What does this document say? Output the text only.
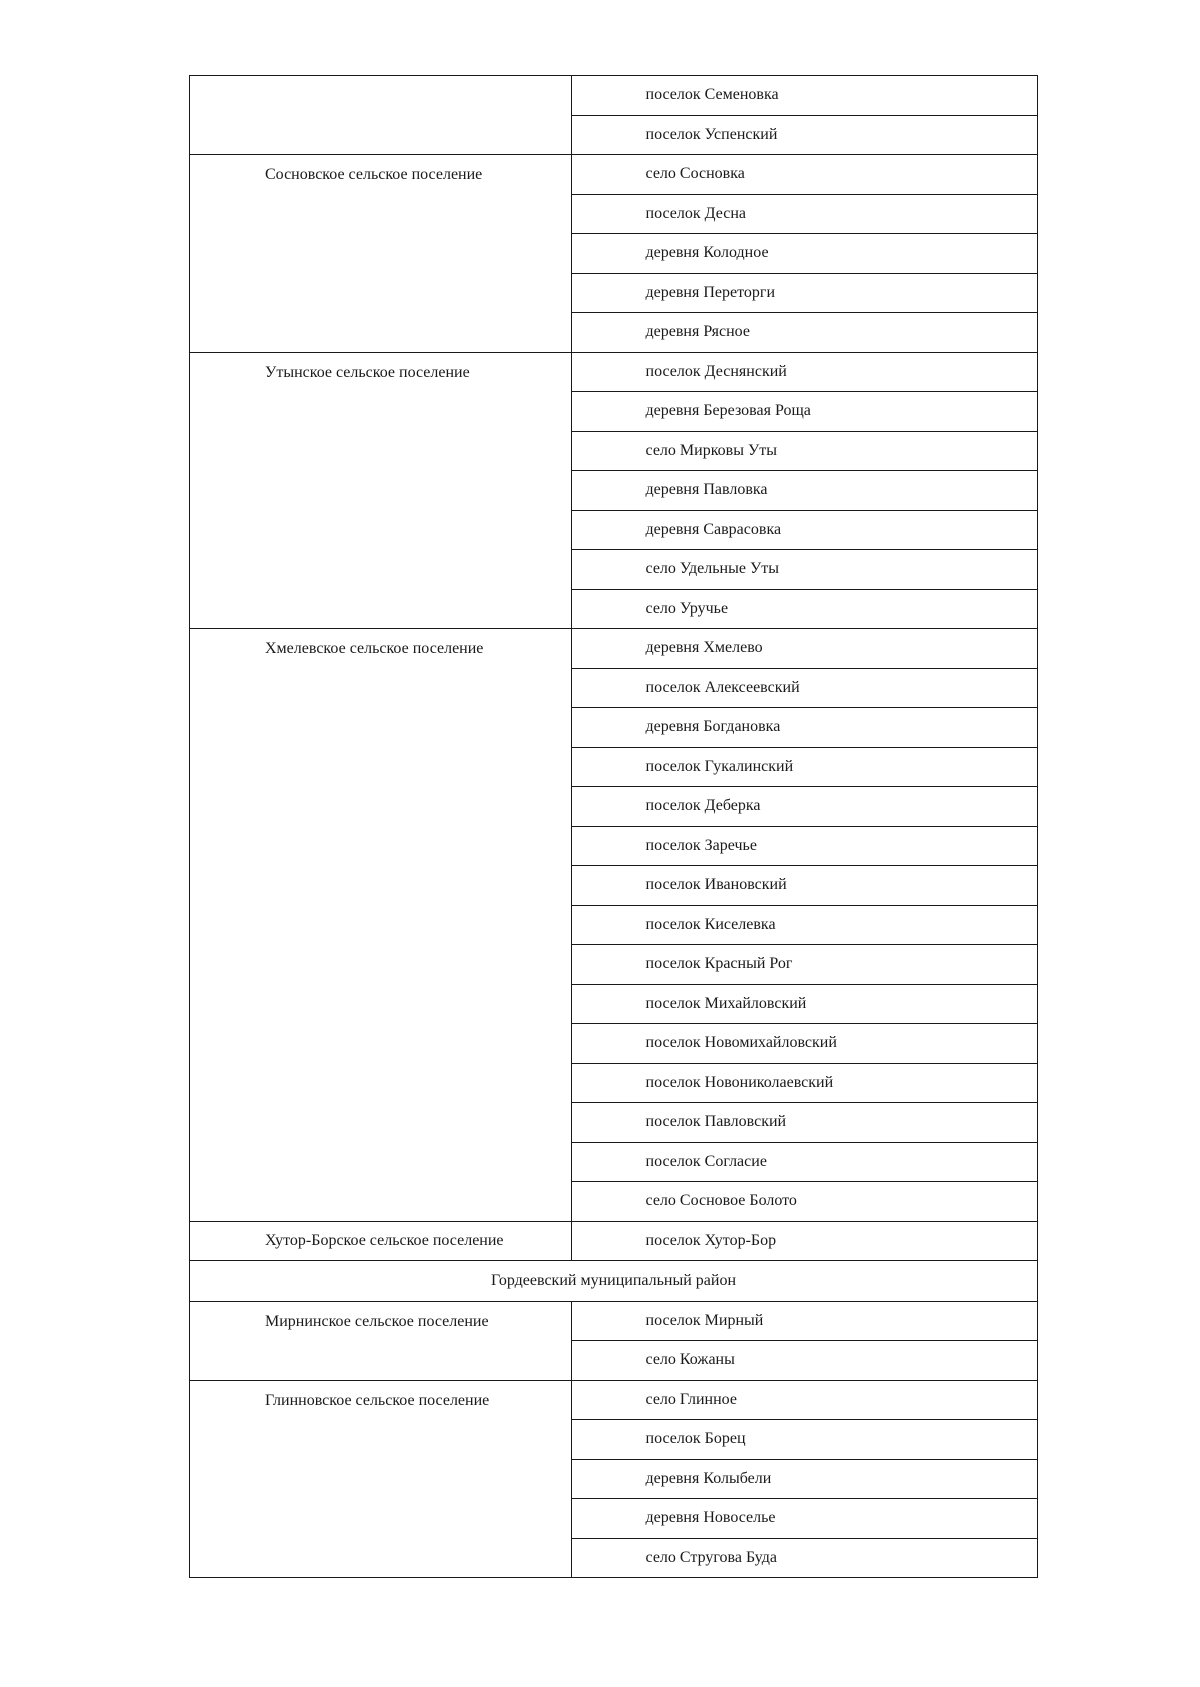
	поселок Семеновка
	поселок Успенский
Сосновское сельское поселение	село Сосновка
	поселок Десна
	деревня Колодное
	деревня Переторги
	деревня Рясное
Утынское сельское поселение	поселок Деснянский
	деревня Березовая Роща
	село Мирковы Уты
	деревня Павловка
	деревня Саврасовка
	село Удельные Уты
	село Уручье
Хмелевское сельское поселение	деревня Хмелево
	поселок Алексеевский
	деревня Богдановка
	поселок Гукалинский
	поселок Деберка
	поселок Заречье
	поселок Ивановский
	поселок Киселевка
	поселок Красный Рог
	поселок Михайловский
	поселок Новомихайловский
	поселок Новониколаевский
	поселок Павловский
	поселок Согласие
	село Сосновое Болото
Хутор-Борское сельское поселение	поселок Хутор-Бор
Гордеевский муниципальный район	
Мирнинское сельское поселение	поселок Мирный
	село Кожаны
Глинновское сельское поселение	село Глинное
	поселок Борец
	деревня Колыбели
	деревня Новоселье
	село Стругова Буда
